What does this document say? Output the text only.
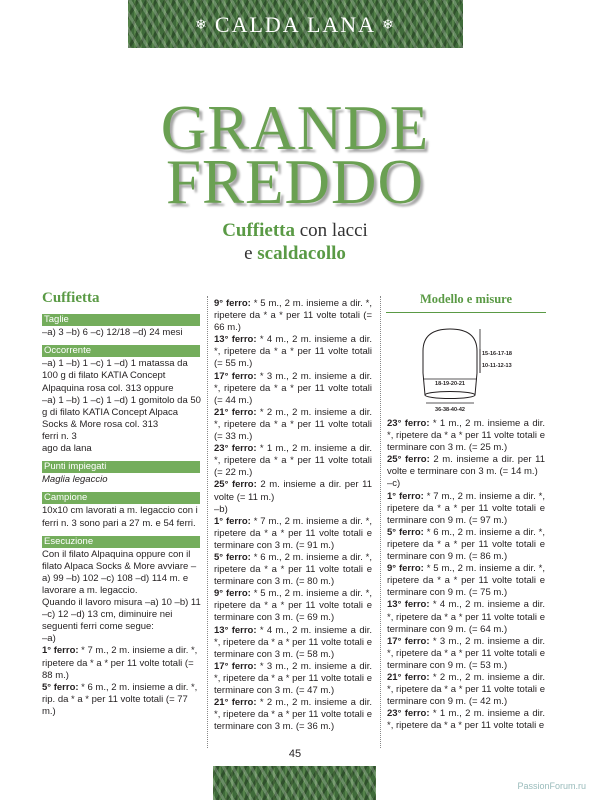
❄ CALDA LANA ❄
GRANDE
FREDDO
Cuffietta con lacci
e scaldacollo

Cuffietta

Taglie

–a) 3 –b) 6 –c) 12/18 –d) 24 mesi

Occorrente

–a) 1 –b) 1 –c) 1 –d) 1 matassa da 100 g di filato KATIA Concept Alpaquina rosa col. 313 oppure

–a) 1 –b) 1 –c) 1 –d) 1 gomitolo da 50 g di filato KATIA Concept Alpaca Socks & More rosa col. 313

ferri n. 3

ago da lana

Punti impiegati

Maglia legaccio

Campione

10x10 cm lavorati a m. legaccio con i ferri n. 3 sono pari a 27 m. e 54 ferri.

Esecuzione

Con il filato Alpaquina oppure con il filato Alpaca Socks & More avviare –a) 99 –b) 102 –c) 108 –d) 114 m. e lavorare a m. legaccio.

Quando il lavoro misura –a) 10 –b) 11 –c) 12 –d) 13 cm, diminuire nei seguenti ferri come segue:

–a)

1° ferro: * 7 m., 2 m. insieme a dir. *, ripetere da * a * per 11 volte totali (= 88 m.)

5° ferro: * 6 m., 2 m. insieme a dir. *, rip. da * a * per 11 volte totali (= 77 m.)

9° ferro: * 5 m., 2 m. insieme a dir. *, ripetere da * a * per 11 volte totali (= 66 m.)

13° ferro: * 4 m., 2 m. insieme a dir. *, ripetere da * a * per 11 volte totali (= 55 m.)

17° ferro: * 3 m., 2 m. insieme a dir. *, ripetere da * a * per 11 volte totali (= 44 m.)

21° ferro: * 2 m., 2 m. insieme a dir. *, ripetere da * a * per 11 volte totali (= 33 m.)

23° ferro: * 1 m., 2 m. insieme a dir. *, ripetere da * a * per 11 volte totali (= 22 m.)

25° ferro: 2 m. insieme a dir. per 11 volte (= 11 m.)

–b)

1° ferro: * 7 m., 2 m. insieme a dir. *, ripetere da * a * per 11 volte totali e terminare con 3 m. (= 91 m.)

5° ferro: * 6 m., 2 m. insieme a dir. *, ripetere da * a * per 11 volte totali e terminare con 3 m. (= 80 m.)

9° ferro: * 5 m., 2 m. insieme a dir. *, ripetere da * a * per 11 volte totali e terminare con 3 m. (= 69 m.)

13° ferro: * 4 m., 2 m. insieme a dir. *, ripetere da * a * per 11 volte totali e terminare con 3 m. (= 58 m.)

17° ferro: * 3 m., 2 m. insieme a dir. *, ripetere da * a * per 11 volte totali e terminare con 3 m. (= 47 m.)

21° ferro: * 2 m., 2 m. insieme a dir. *, ripetere da * a * per 11 volte totali e terminare con 3 m. (= 36 m.)

Modello e misure
18-19-20-21
15-16-17-18
10-11-12-13
36-38-40-42

23° ferro: * 1 m., 2 m. insieme a dir. *, ripetere da * a * per 11 volte totali e terminare con 3 m. (= 25 m.)

25° ferro: 2 m. insieme a dir. per 11 volte e terminare con 3 m. (= 14 m.)

–c)

1° ferro: * 7 m., 2 m. insieme a dir. *, ripetere da * a * per 11 volte totali e terminare con 9 m. (= 97 m.)

5° ferro: * 6 m., 2 m. insieme a dir. *, ripetere da * a * per 11 volte totali e terminare con 9 m. (= 86 m.)

9° ferro: * 5 m., 2 m. insieme a dir. *, ripetere da * a * per 11 volte totali e terminare con 9 m. (= 75 m.)

13° ferro: * 4 m., 2 m. insieme a dir. *, ripetere da * a * per 11 volte totali e terminare con 9 m. (= 64 m.)

17° ferro: * 3 m., 2 m. insieme a dir. *, ripetere da * a * per 11 volte totali e terminare con 9 m. (= 53 m.)

21° ferro: * 2 m., 2 m. insieme a dir. *, ripetere da * a * per 11 volte totali e terminare con 9 m. (= 42 m.)

23° ferro: * 1 m., 2 m. insieme a dir. *, ripetere da * a * per 11 volte totali e

45
PassionForum.ru
